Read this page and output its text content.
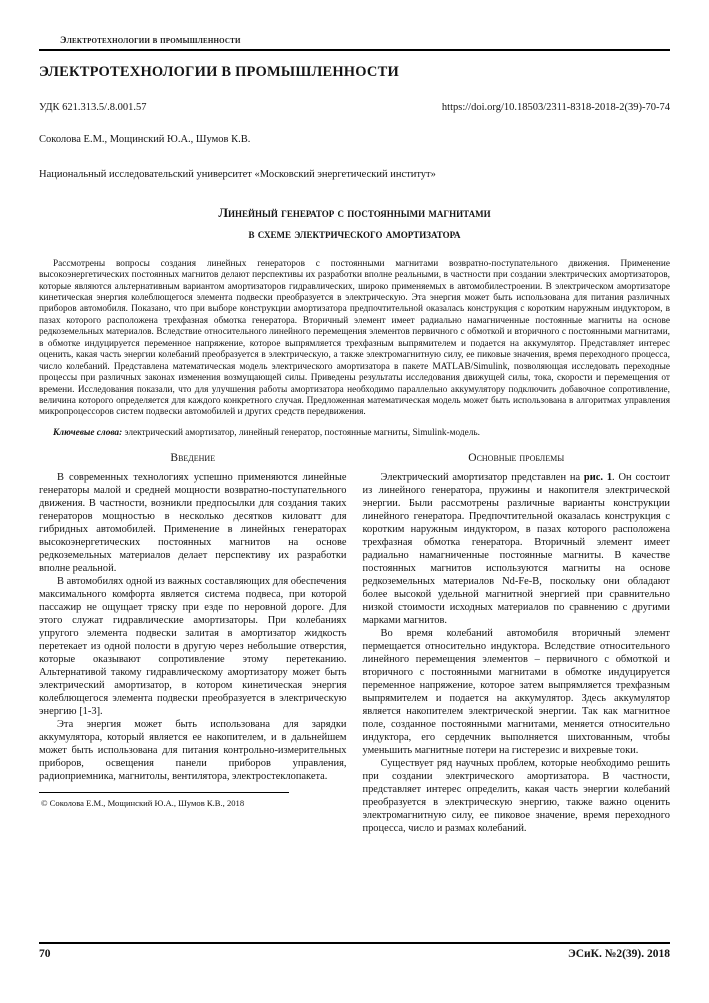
Электротехнологии в промышленности
ЭЛЕКТРОТЕХНОЛОГИИ В ПРОМЫШЛЕННОСТИ
УДК 621.313.5/.8.001.57	https://doi.org/10.18503/2311-8318-2018-2(39)-70-74
Соколова Е.М., Мощинский Ю.А., Шумов К.В.
Национальный исследовательский университет «Московский энергетический институт»
Линейный генератор с постоянными магнитами
в схеме электрического амортизатора
Рассмотрены вопросы создания линейных генераторов с постоянными магнитами возвратно-поступательного движения. Применение высокоэнергетических постоянных магнитов делают перспективы их разработки вполне реальными, в частности при создании электрических амортизаторов, которые являются альтернативным вариантом амортизаторов гидравлических, широко применяемых в автомобилестроении. В электрическом амортизаторе кинетическая энергия колеблющегося элемента подвески преобразуется в электрическую. Эта энергия может быть использована для питания различных приборов автомобиля. Показано, что при выборе конструкции амортизатора предпочтительной оказалась конструкция с коротким наружным индуктором, в пазах которого расположена трехфазная обмотка генератора. Вторичный элемент имеет радиально намагниченные постоянные магниты на основе редкоземельных материалов. Вследствие относительного линейного перемещения элементов первичного с обмоткой и вторичного с постоянными магнитами, в обмотке индуцируется переменное напряжение, которое выпрямляется трехфазным выпрямителем и подается на аккумулятор. Представляет интерес оценить, какая часть энергии колебаний преобразуется в электрическую, а также электромагнитную силу, ее пиковые значения, время переходного процесса, число колебаний. Представлена математическая модель электрического амортизатора в пакете MATLAB/Simulink, позволяющая исследовать переходные процессы при различных законах изменения возмущающей силы. Приведены результаты исследования движущей силы, тока, скорости и перемещения от времени. Исследования показали, что для улучшения работы амортизатора необходимо параллельно аккумулятору подключить добавочное сопротивление, величина которого определяется для каждого конкретного случая. Предложенная математическая модель может быть использована в алгоритмах управления микропроцессоров систем подвески автомобилей и других средств передвижения.
Ключевые слова: электрический амортизатор, линейный генератор, постоянные магниты, Simulink-модель.
Введение

В современных технологиях успешно применяются линейные генераторы малой и средней мощности возвратно-поступательного движения. В частности, возникли предпосылки для создания таких генераторов мощностью в несколько десятков киловатт для гибридных автомобилей. Применение в линейных генераторах высокоэнергетических постоянных магнитов на основе редкоземельных материалов делает перспективу их разработки вполне реальной.

В автомобилях одной из важных составляющих для обеспечения максимального комфорта является система подвеса, при которой пассажир не ощущает тряску при езде по неровной дороге. Для этого служат гидравлические амортизаторы. При колебаниях упругого элемента подвески залитая в амортизатор жидкость перетекает из одной полости в другую через небольшие отверстия, которые оказывают сопротивление этому перетеканию. Альтернативой такому гидравлическому амортизатору может быть электрический амортизатор, в котором кинетическая энергия колеблющегося элемента подвески преобразуется в электрическую энергию [1-3].

Эта энергия может быть использована для зарядки аккумулятора, который является ее накопителем, и в дальнейшем может быть использована для питания контрольно-измерительных приборов, освещения панели приборов управления, радиоприемника, магнитолы, вентилятора, электростеклопакета.

© Соколова Е.М., Мощинский Ю.А., Шумов К.В., 2018
Основные проблемы

Электрический амортизатор представлен на рис. 1. Он состоит из линейного генератора, пружины и накопителя электрической энергии. Были рассмотрены различные варианты конструкции линейного генератора. Предпочтительной оказалась конструкция с коротким наружным индуктором, в пазах которого расположена трехфазная обмотка генератора. Вторичный элемент имеет радиально намагниченные постоянные магниты. В качестве постоянных магнитов используются магниты на основе редкоземельных материалов Nd-Fe-B, поскольку они обладают более высокой удельной магнитной энергией при сравнительно низкой стоимости исходных материалов по сравнению с другими марками магнитов.

Во время колебаний автомобиля вторичный элемент пермещается относительно индуктора. Вследствие относительного линейного перемещения элементов – первичного с обмоткой и вторичного с постоянными магнитами в обмотке индуцируется переменное напряжение, которое затем выпрямляется трехфазным выпрямителем и подается на аккумулятор. Здесь аккумулятор является накопителем электрической энергии. Так как магнитное поле, созданное постоянными магнитами, меняется относительно индуктора, его сердечник выполняется шихтованным, чтобы уменьшить магнитные потери на гистерезис и вихревые токи.

Существует ряд научных проблем, которые необходимо решить при создании электрического амортизатора. В частности, представляет интерес определить, какая часть энергии колебаний преобразуется в электрическую энергию, также важно оценить электромагнитную силу, ее пиковое значение, время переходного процесса, число и размах колебаний.

70	ЭСиК. №2(39). 2018
